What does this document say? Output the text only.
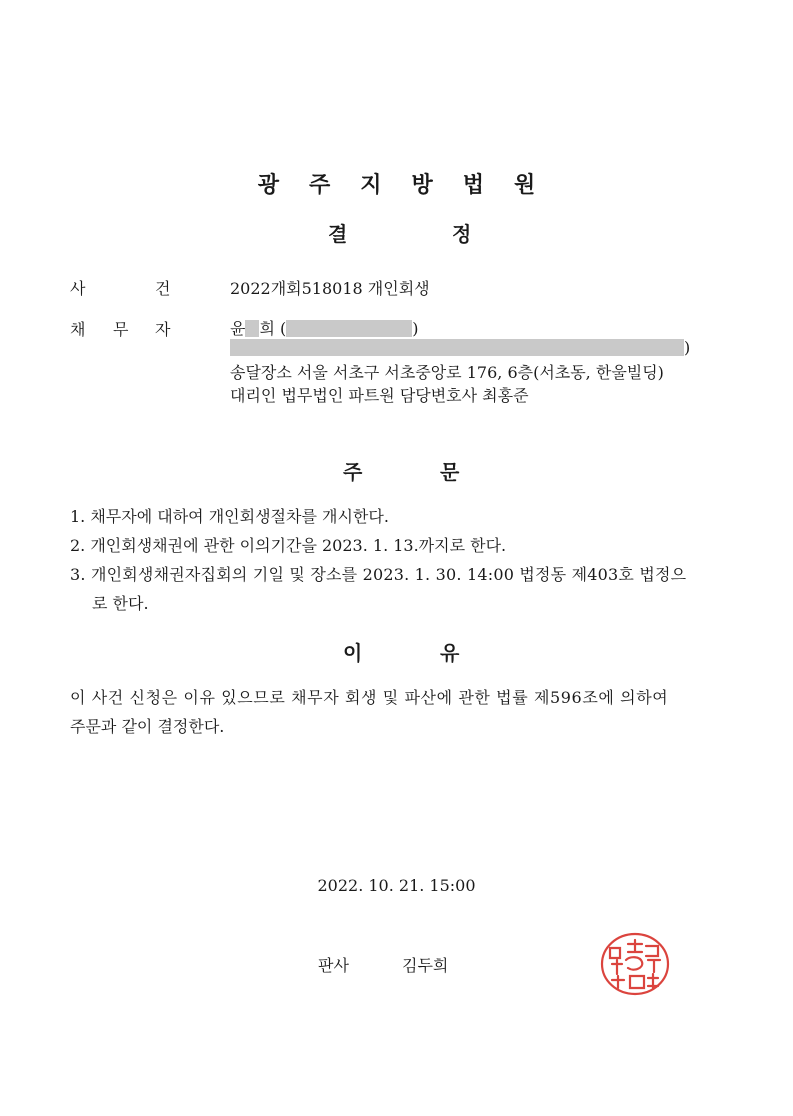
광주지방법원
결	정
사	건	2022개회518018 개인회생
채 무 자	윤 희 (	)
)
송달장소 서울 서초구 서초중앙로 176, 6층(서초동, 한울빌딩)
대리인 법무법인 파트원 담당변호사 최홍준
주	문
1. 채무자에 대하여 개인회생절차를 개시한다.
2. 개인회생채권에 관한 이의기간을 2023. 1. 13.까지로 한다.
3. 개인회생채권자집회의 기일 및 장소를 2023. 1. 30. 14:00 법정동 제403호 법정으
로 한다.
이	유
이 사건 신청은 이유 있으므로 채무자 회생 및 파산에 관한 법률 제596조에 의하여
주문과 같이 결정한다.
2022. 10. 21. 15:00
판사	김두희
